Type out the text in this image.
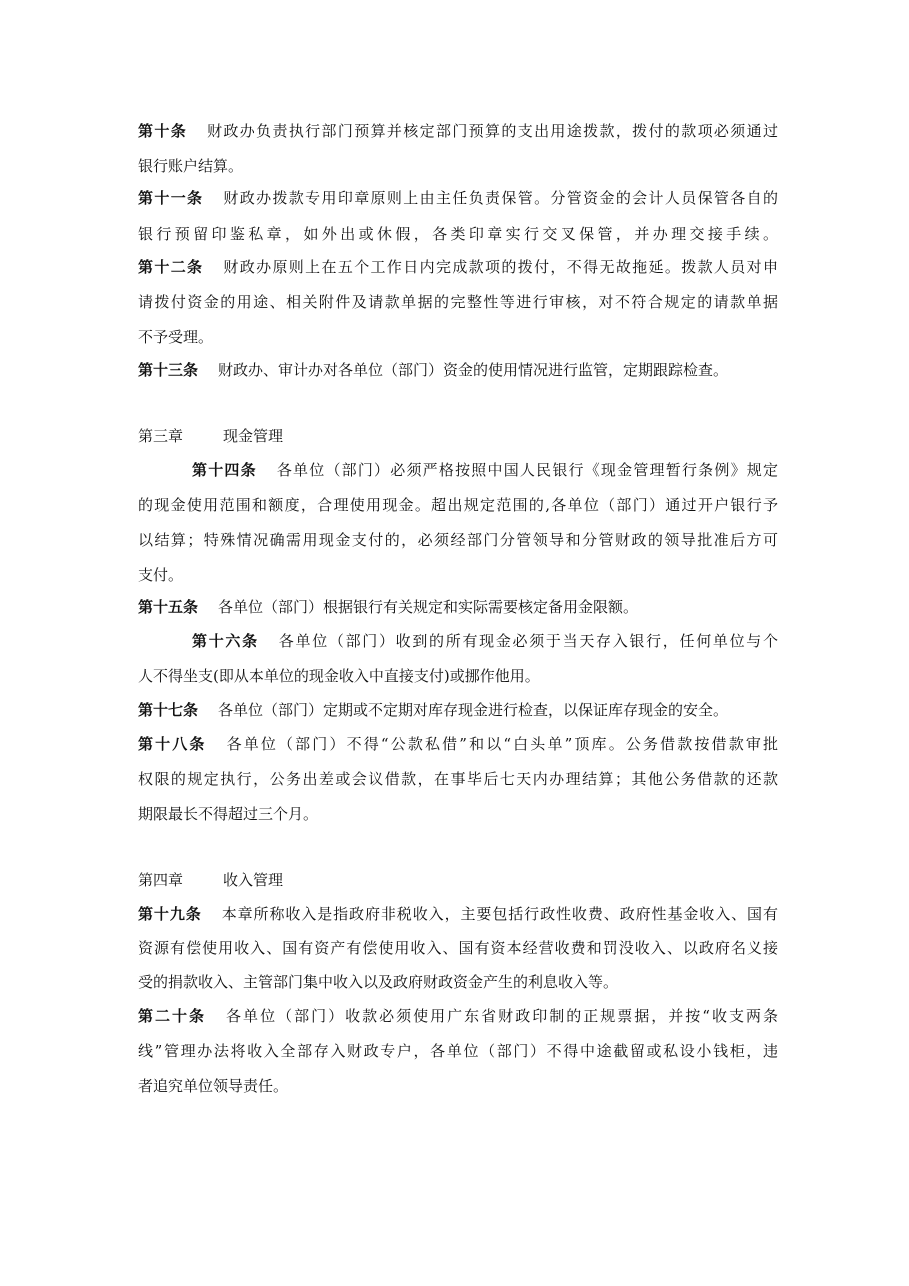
第十条 财政办负责执行部门预算并核定部门预算的支出用途拨款，拨付的款项必须通过
银行账户结算。
第十一条 财政办拨款专用印章原则上由主任负责保管。分管资金的会计人员保管各自的
银行预留印鉴私章，如外出或休假，各类印章实行交叉保管，并办理交接手续。
第十二条 财政办原则上在五个工作日内完成款项的拨付，不得无故拖延。拨款人员对申
请拨付资金的用途、相关附件及请款单据的完整性等进行审核，对不符合规定的请款单据
不予受理。
第十三条 财政办、审计办对各单位（部门）资金的使用情况进行监管，定期跟踪检查。
第三章	现金管理
第十四条 各单位（部门）必须严格按照中国人民银行《现金管理暂行条例》规定
的现金使用范围和额度，合理使用现金。超出规定范围的,各单位（部门）通过开户银行予
以结算；特殊情况确需用现金支付的，必须经部门分管领导和分管财政的领导批准后方可
支付。
第十五条 各单位（部门）根据银行有关规定和实际需要核定备用金限额。
第十六条 各单位（部门）收到的所有现金必须于当天存入银行，任何单位与个
人不得坐支(即从本单位的现金收入中直接支付)或挪作他用。
第十七条 各单位（部门）定期或不定期对库存现金进行检查，以保证库存现金的安全。
第十八条 各单位（部门）不得“公款私借”和以“白头单”顶库。公务借款按借款审批
权限的规定执行，公务出差或会议借款，在事毕后七天内办理结算；其他公务借款的还款
期限最长不得超过三个月。
第四章	收入管理
第十九条 本章所称收入是指政府非税收入，主要包括行政性收费、政府性基金收入、国有
资源有偿使用收入、国有资产有偿使用收入、国有资本经营收费和罚没收入、以政府名义接
受的捐款收入、主管部门集中收入以及政府财政资金产生的利息收入等。
第二十条 各单位（部门）收款必须使用广东省财政印制的正规票据，并按“收支两条
线”管理办法将收入全部存入财政专户，各单位（部门）不得中途截留或私设小钱柜，违
者追究单位领导责任。
